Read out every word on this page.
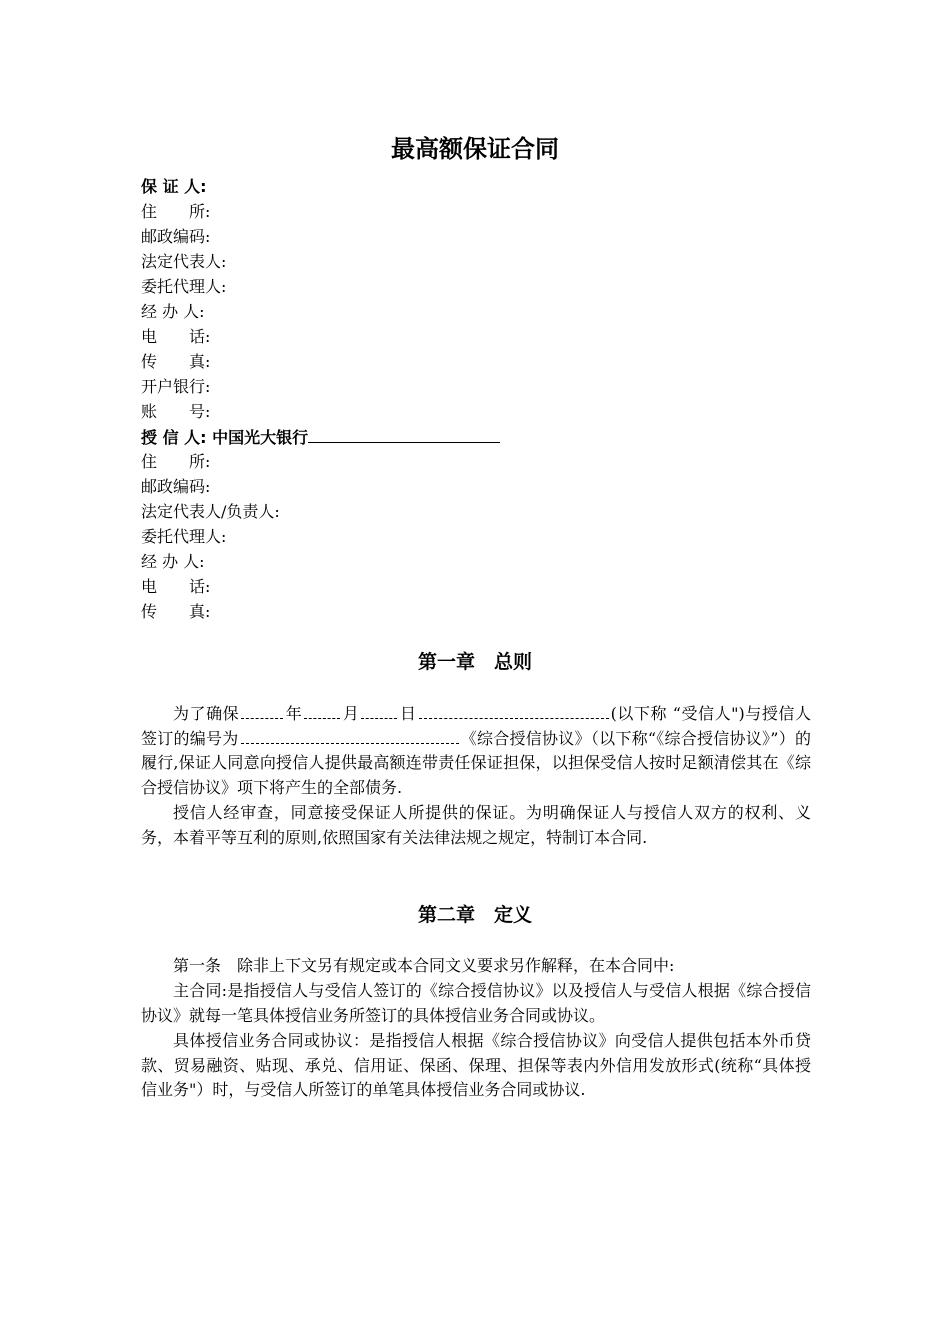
最高额保证合同
保 证 人:
住　　所:
邮政编码:
法定代表人:
委托代理人:
经 办 人:
电　　话:
传　　真:
开户银行:
账　　号:
授 信 人: 中国光大银行
住　　所:
邮政编码:
法定代表人/负责人:
委托代理人:
经 办 人:
电　　话:
传　　真:
第一章　总则
为了确保	年	月	日	(以下称 “受信人")与授信人签订的编号为	《综合授信协议》（以下称“《综合授信协议》”）的履行,保证人同意向授信人提供最高额连带责任保证担保，以担保受信人按时足额清偿其在《综合授信协议》项下将产生的全部债务.
授信人经审查，同意接受保证人所提供的保证。为明确保证人与授信人双方的权利、义务，本着平等互利的原则,依照国家有关法律法规之规定，特制订本合同.
第二章　定义
第一条　除非上下文另有规定或本合同文义要求另作解释，在本合同中:
主合同:是指授信人与受信人签订的《综合授信协议》以及授信人与受信人根据《综合授信协议》就每一笔具体授信业务所签订的具体授信业务合同或协议。
具体授信业务合同或协议：是指授信人根据《综合授信协议》向受信人提供包括本外币贷款、贸易融资、贴现、承兑、信用证、保函、保理、担保等表内外信用发放形式(统称“具体授信业务"）时，与受信人所签订的单笔具体授信业务合同或协议.
